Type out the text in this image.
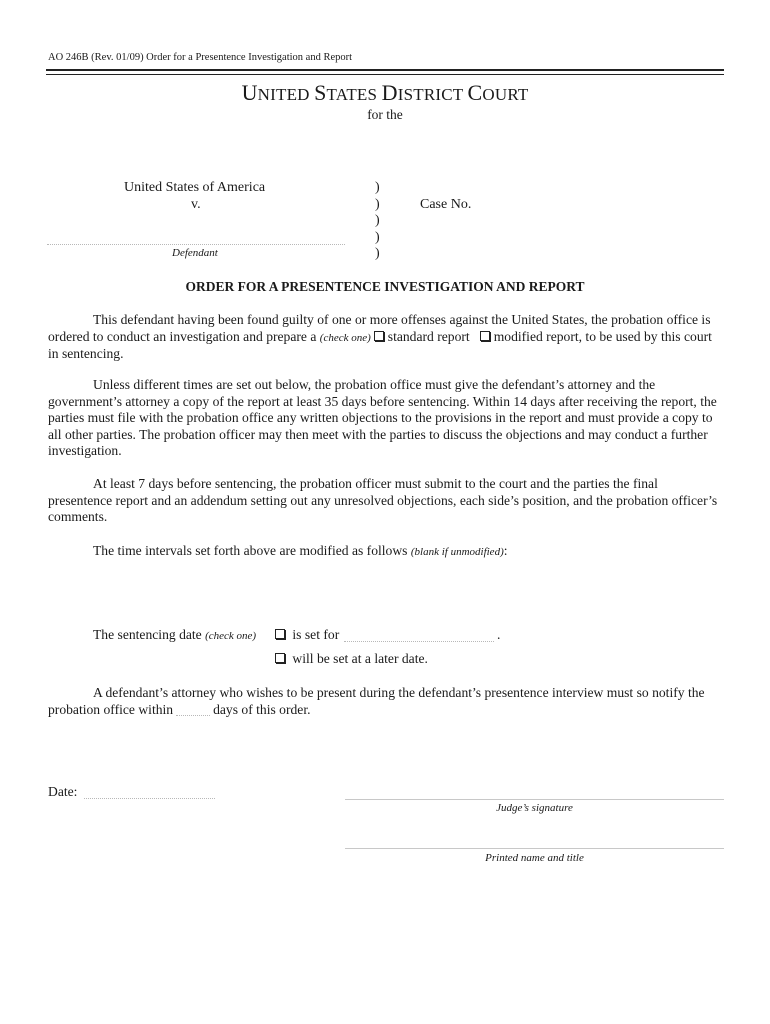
AO 246B (Rev. 01/09) Order for a Presentence Investigation and Report
UNITED STATES DISTRICT COURT
for the
United States of America
v.
Defendant
)
)
)
)
)
Case No.
ORDER FOR A PRESENTENCE INVESTIGATION AND REPORT
This defendant having been found guilty of one or more offenses against the United States, the probation office is ordered to conduct an investigation and prepare a (check one) standard report modified report, to be used by this court in sentencing.
Unless different times are set out below, the probation office must give the defendant’s attorney and the government’s attorney a copy of the report at least 35 days before sentencing. Within 14 days after receiving the report, the parties must file with the probation office any written objections to the provisions in the report and must provide a copy to all other parties. The probation officer may then meet with the parties to discuss the objections and may conduct a further investigation.
At least 7 days before sentencing, the probation officer must submit to the court and the parties the final presentence report and an addendum setting out any unresolved objections, each side’s position, and the probation officer’s comments.
The time intervals set forth above are modified as follows (blank if unmodified):
The sentencing date (check one)	is set for	.
will be set at a later date.
A defendant’s attorney who wishes to be present during the defendant’s presentence interview must so notify the probation office within	days of this order.
Date:
Judge’s signature
Printed name and title
